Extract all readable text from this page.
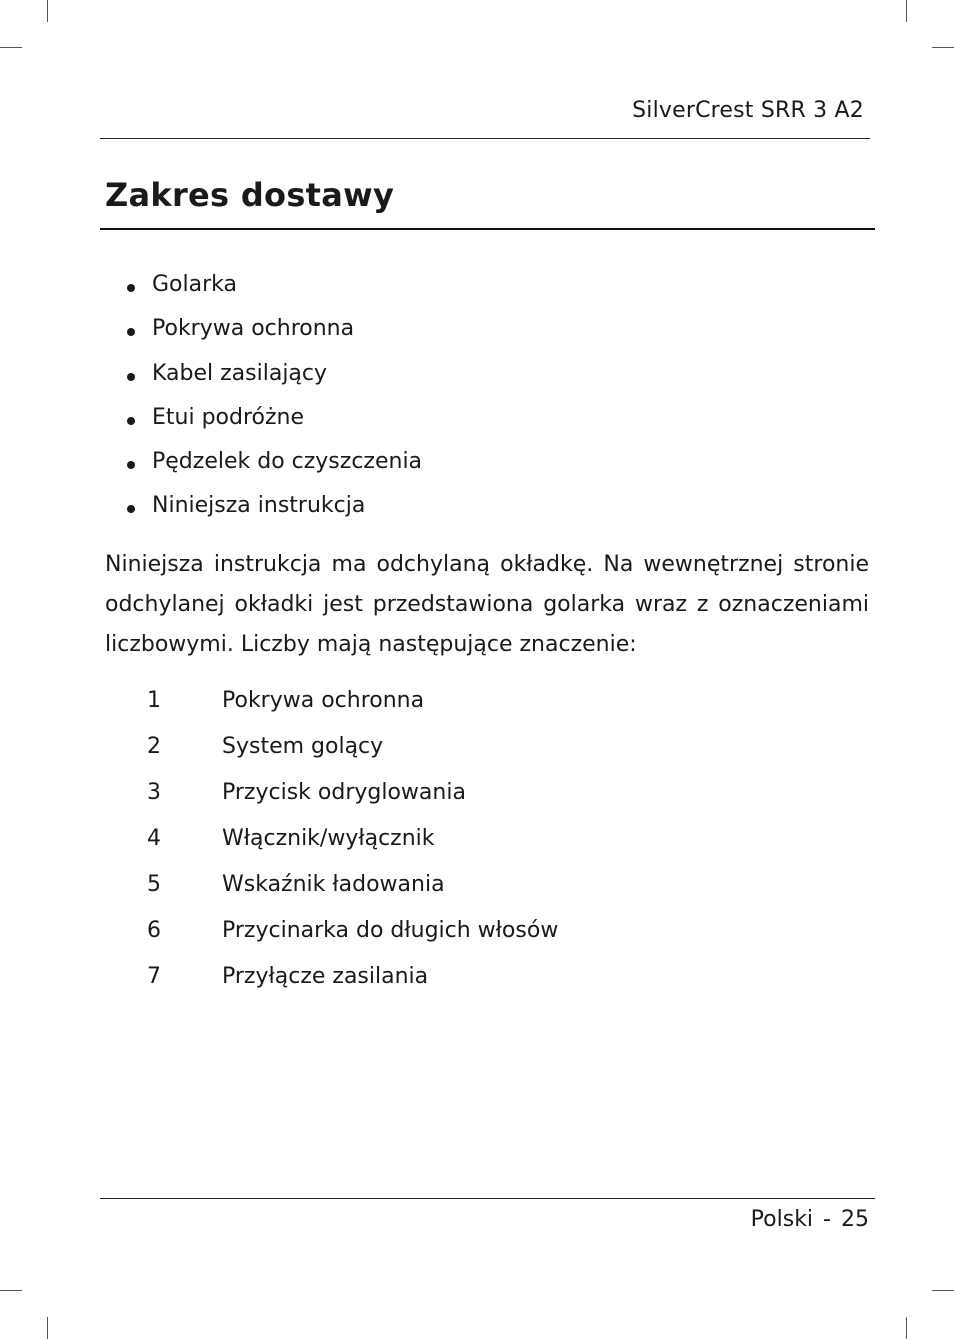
SilverCrest SRR 3 A2
Zakres dostawy
Golarka
Pokrywa ochronna
Kabel zasilający
Etui podróżne
Pędzelek do czyszczenia
Niniejsza instrukcja

Niniejsza instrukcja ma odchylaną okładkę. Na wewnętrznej stronie odchylanej okładki jest przedstawiona golarka wraz z oznaczeniami liczbowymi. Liczby mają następujące znaczenie:

1	Pokrywa ochronna
2	System golący
3	Przycisk odryglowania
4	Włącznik/wyłącznik
5	Wskaźnik ładowania
6	Przycinarka do długich włosów
7	Przyłącze zasilania
Polski - 25
